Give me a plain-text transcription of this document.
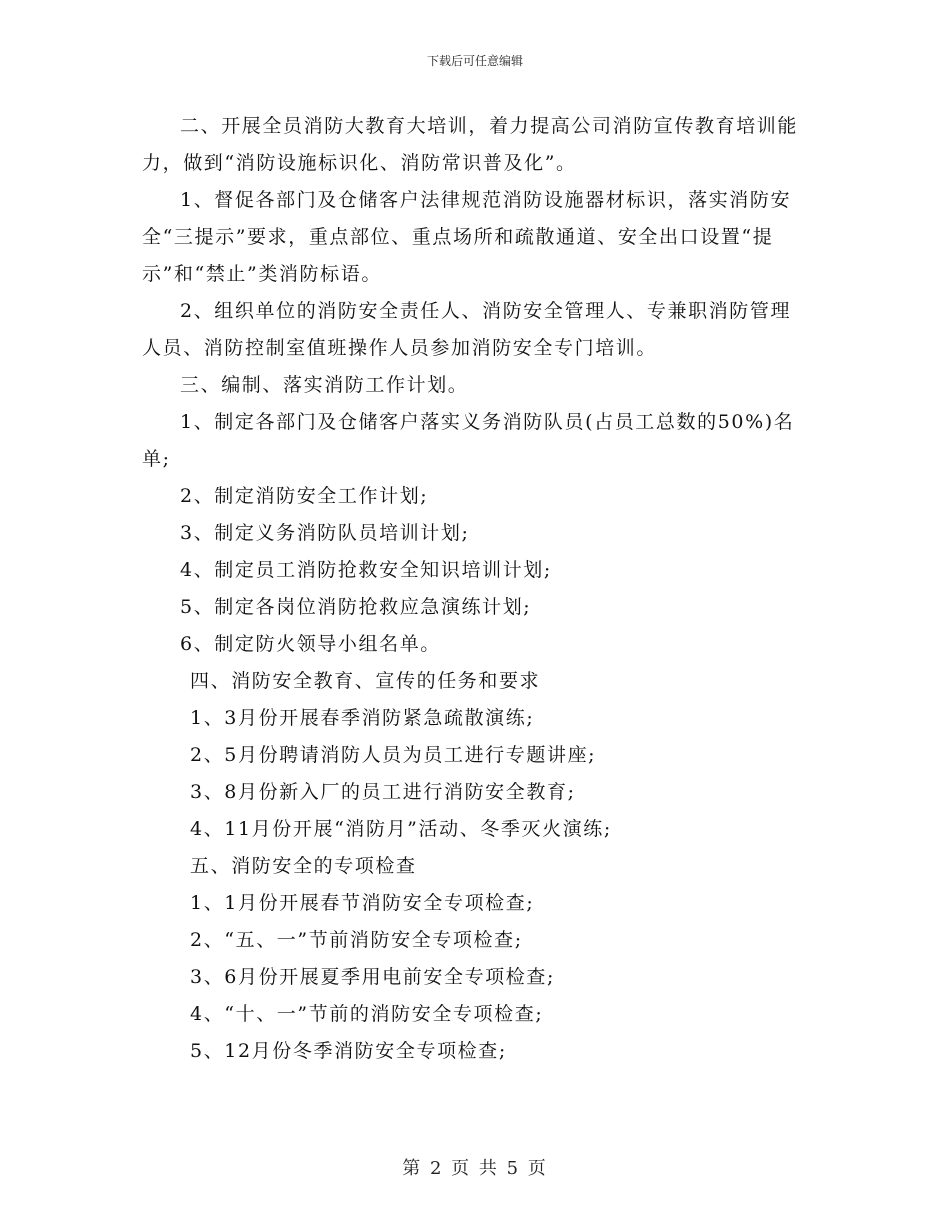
下载后可任意编辑

二、开展全员消防大教育大培训，着力提高公司消防宣传教育培训能力，做到“消防设施标识化、消防常识普及化”。

1、督促各部门及仓储客户法律规范消防设施器材标识，落实消防安全“三提示”要求，重点部位、重点场所和疏散通道、安全出口设置“提示”和“禁止”类消防标语。

2、组织单位的消防安全责任人、消防安全管理人、专兼职消防管理人员、消防控制室值班操作人员参加消防安全专门培训。

三、编制、落实消防工作计划。

1、制定各部门及仓储客户落实义务消防队员(占员工总数的50%)名单;

2、制定消防安全工作计划;

3、制定义务消防队员培训计划;

4、制定员工消防抢救安全知识培训计划;

5、制定各岗位消防抢救应急演练计划;

6、制定防火领导小组名单。

四、消防安全教育、宣传的任务和要求

1、3月份开展春季消防紧急疏散演练;

2、5月份聘请消防人员为员工进行专题讲座;

3、8月份新入厂的员工进行消防安全教育;

4、11月份开展“消防月”活动、冬季灭火演练;

五、消防安全的专项检查

1、1月份开展春节消防安全专项检查;

2、“五、一”节前消防安全专项检查;

3、6月份开展夏季用电前安全专项检查;

4、“十、一”节前的消防安全专项检查;

5、12月份冬季消防安全专项检查;

第 2 页 共 5 页
